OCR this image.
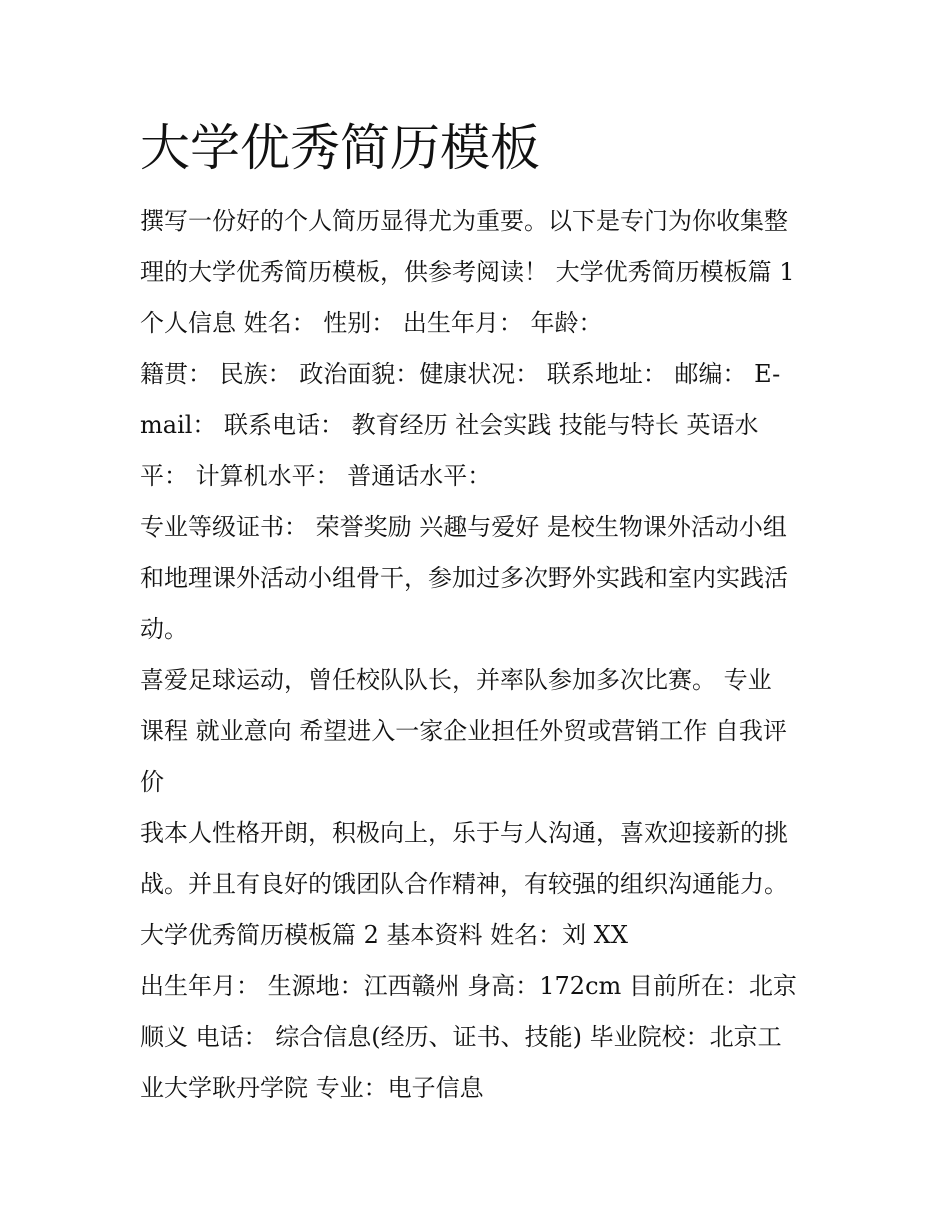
大学优秀简历模板

撰写一份好的个人简历显得尤为重要。以下是专门为你收集整

理的大学优秀简历模板，供参考阅读！ 大学优秀简历模板篇 1

个人信息 姓名： 性别： 出生年月： 年龄：

籍贯： 民族： 政治面貌：健康状况： 联系地址： 邮编： E-

mail： 联系电话： 教育经历 社会实践 技能与特长 英语水

平： 计算机水平： 普通话水平：

专业等级证书： 荣誉奖励 兴趣与爱好 是校生物课外活动小组

和地理课外活动小组骨干，参加过多次野外实践和室内实践活

动。

喜爱足球运动，曾任校队队长，并率队参加多次比赛。 专业

课程 就业意向 希望进入一家企业担任外贸或营销工作 自我评

价

我本人性格开朗，积极向上，乐于与人沟通，喜欢迎接新的挑

战。并且有良好的饿团队合作精神，有较强的组织沟通能力。

大学优秀简历模板篇 2 基本资料 姓名：刘 XX

出生年月： 生源地：江西赣州 身高：172cm 目前所在：北京

顺义 电话： 综合信息(经历、证书、技能) 毕业院校：北京工

业大学耿丹学院 专业：电子信息
